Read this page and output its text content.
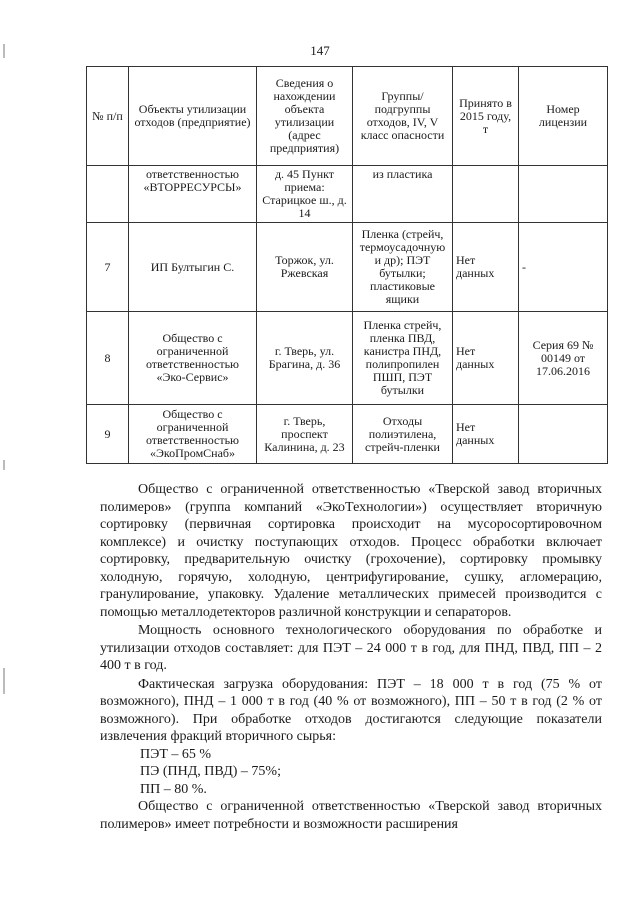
147
№ п/п	Объекты утилизации отходов (предприятие)	Сведения о нахождении объекта утилизации (адрес предприятия)	Группы/подгруппы отходов, IV, V класс опасности	Принято в 2015 году, т	Номер лицензии
	ответственностью «ВТОРРЕСУРСЫ»	д. 45 Пункт приема: Старицкое ш., д. 14	из пластика		
7	ИП Бултыгин С.	Торжок, ул. Ржевская	Пленка (стрейч, термоусадочную и др); ПЭТ бутылки; пластиковые ящики	Нет данных	-

8	Общество с ограниченной ответственностью «Эко-Сервис»	г. Тверь, ул. Брагина, д. 36	Пленка стрейч, пленка ПВД, канистра ПНД, полипропилен ПШП, ПЭТ бутылки	Нет данных	Серия 69 № 00149 от 17.06.2016
9	Общество с ограниченной ответственностью «ЭкоПромСнаб»	г. Тверь, проспект Калинина, д. 23	Отходы полиэтилена, стрейч-пленки	Нет данных	

Общество с ограниченной ответственностью «Тверской завод вторичных полимеров» (группа компаний «ЭкоТехнологии») осуществляет вторичную сортировку (первичная сортировка происходит на мусоросортировочном комплексе) и очистку поступающих отходов. Процесс обработки включает сортировку, предварительную очистку (грохочение), сортировку промывку холодную, горячую, холодную, центрифугирование, сушку, агломерацию, гранулирование, упаковку. Удаление металлических примесей производится с помощью металлодетекторов различной конструкции и сепараторов.

Мощность основного технологического оборудования по обработке и утилизации отходов составляет: для ПЭТ – 24 000 т в год, для ПНД, ПВД, ПП – 2 400 т в год.

Фактическая загрузка оборудования: ПЭТ – 18 000 т в год (75 % от возможного), ПНД – 1 000 т в год (40 % от возможного), ПП – 50 т в год (2 % от возможного). При обработке отходов достигаются следующие показатели извлечения фракций вторичного сырья:

ПЭТ – 65 %

ПЭ (ПНД, ПВД) – 75%;

ПП – 80 %.

Общество с ограниченной ответственностью «Тверской завод вторичных полимеров» имеет потребности и возможности расширения
